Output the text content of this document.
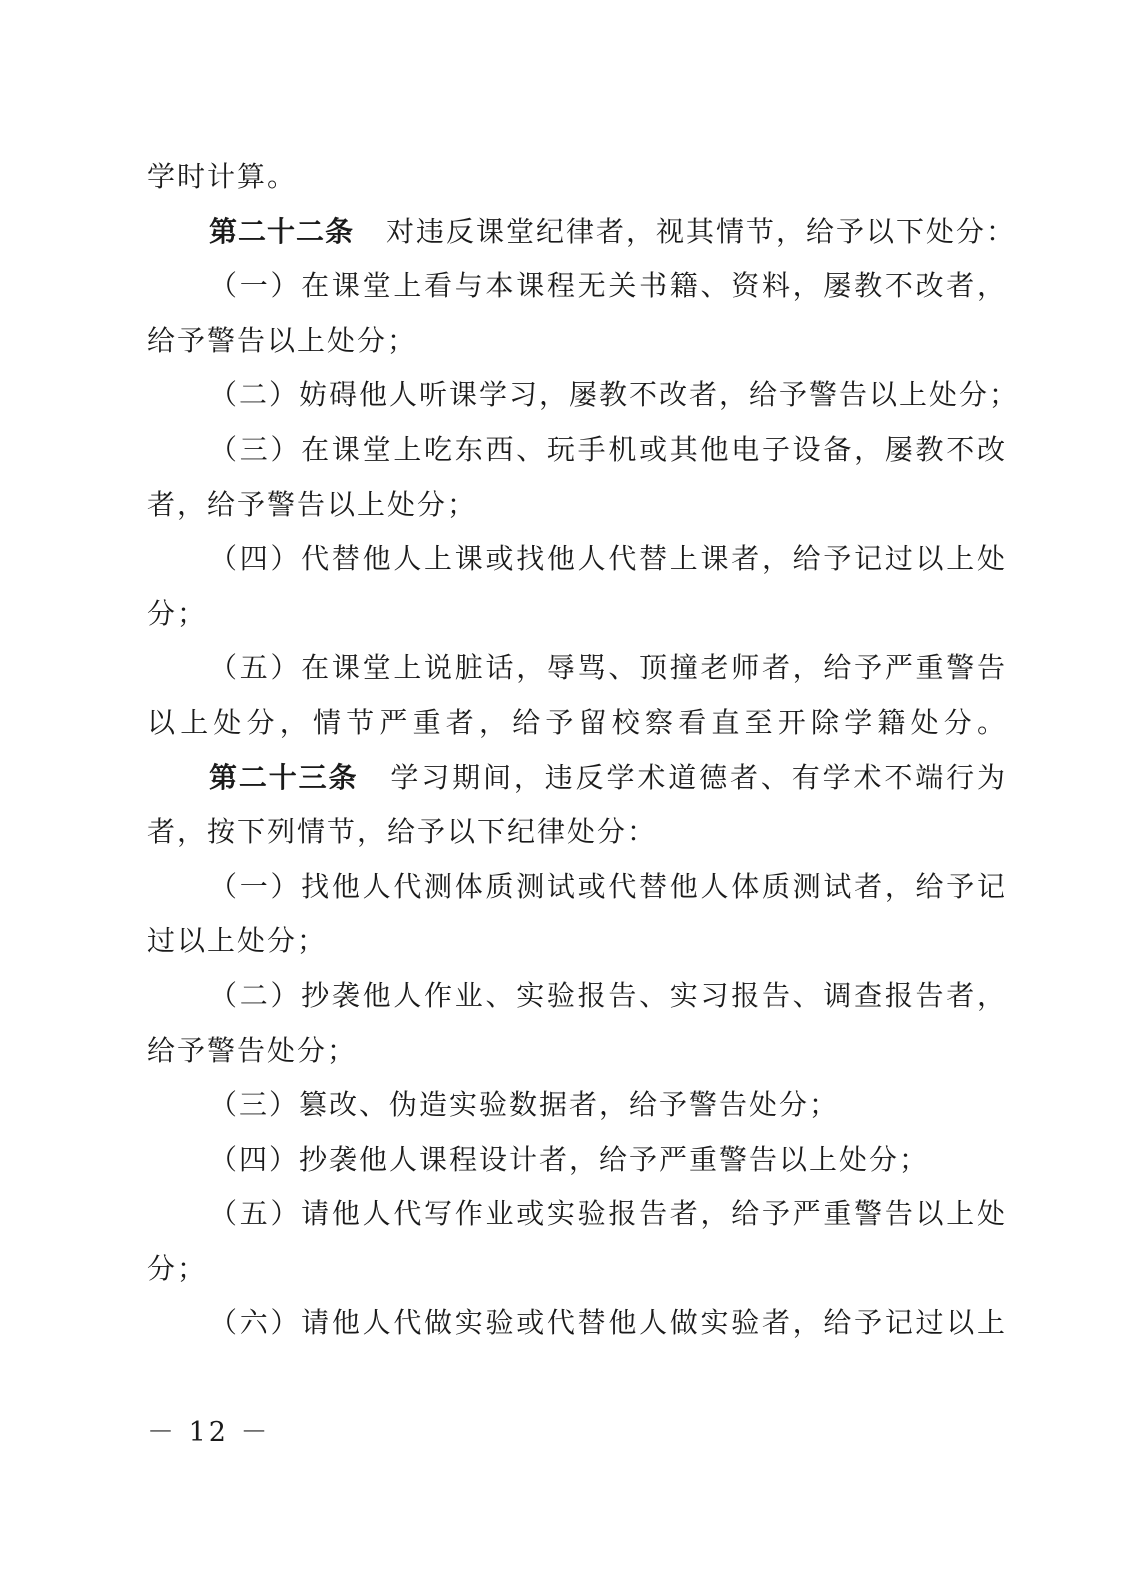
学时计算。
第二十二条 对违反课堂纪律者，视其情节，给予以下处分：
（一）在课堂上看与本课程无关书籍、资料，屡教不改者，
给予警告以上处分；
（二）妨碍他人听课学习，屡教不改者，给予警告以上处分；
（三）在课堂上吃东西、玩手机或其他电子设备，屡教不改
者，给予警告以上处分；
（四）代替他人上课或找他人代替上课者，给予记过以上处
分；
（五）在课堂上说脏话，辱骂、顶撞老师者，给予严重警告
以上处分，情节严重者，给予留校察看直至开除学籍处分。
第二十三条 学习期间，违反学术道德者、有学术不端行为
者，按下列情节，给予以下纪律处分：
（一）找他人代测体质测试或代替他人体质测试者，给予记
过以上处分；
（二）抄袭他人作业、实验报告、实习报告、调查报告者，
给予警告处分；
（三）篡改、伪造实验数据者，给予警告处分；
（四）抄袭他人课程设计者，给予严重警告以上处分；
（五）请他人代写作业或实验报告者，给予严重警告以上处
分；
（六）请他人代做实验或代替他人做实验者，给予记过以上
－ 12 －
